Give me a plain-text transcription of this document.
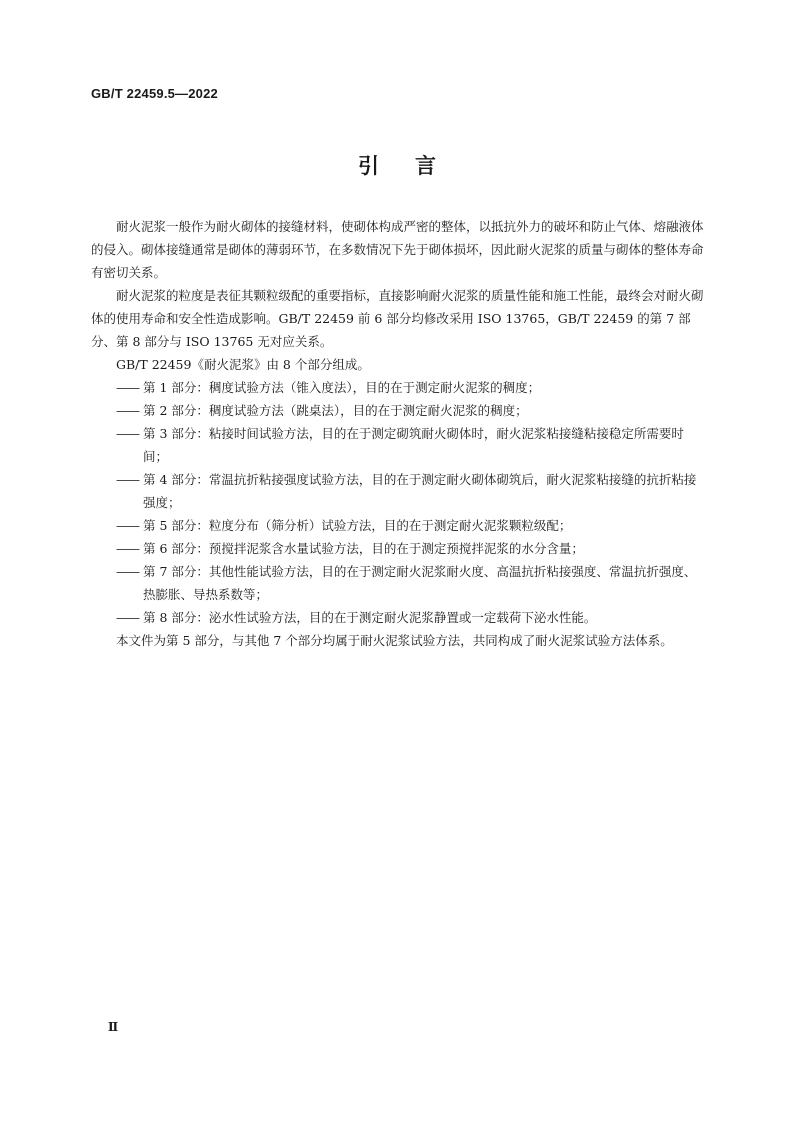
GB/T 22459.5—2022
引 言

耐火泥浆一般作为耐火砌体的接缝材料，使砌体构成严密的整体，以抵抗外力的破坏和防止气体、熔融液体的侵入。砌体接缝通常是砌体的薄弱环节，在多数情况下先于砌体损坏，因此耐火泥浆的质量与砌体的整体寿命有密切关系。

耐火泥浆的粒度是表征其颗粒级配的重要指标，直接影响耐火泥浆的质量性能和施工性能，最终会对耐火砌体的使用寿命和安全性造成影响。GB/T 22459 前 6 部分均修改采用 ISO 13765，GB/T 22459 的第 7 部分、第 8 部分与 ISO 13765 无对应关系。

GB/T 22459《耐火泥浆》由 8 个部分组成。

—— 第 1 部分：稠度试验方法（锥入度法），目的在于测定耐火泥浆的稠度；
—— 第 2 部分：稠度试验方法（跳桌法），目的在于测定耐火泥浆的稠度；
—— 第 3 部分：粘接时间试验方法，目的在于测定砌筑耐火砌体时，耐火泥浆粘接缝粘接稳定所需要时间；
—— 第 4 部分：常温抗折粘接强度试验方法，目的在于测定耐火砌体砌筑后，耐火泥浆粘接缝的抗折粘接强度；
—— 第 5 部分：粒度分布（筛分析）试验方法，目的在于测定耐火泥浆颗粒级配；
—— 第 6 部分：预搅拌泥浆含水量试验方法，目的在于测定预搅拌泥浆的水分含量；
—— 第 7 部分：其他性能试验方法，目的在于测定耐火泥浆耐火度、高温抗折粘接强度、常温抗折强度、热膨胀、导热系数等；
—— 第 8 部分：泌水性试验方法，目的在于测定耐火泥浆静置或一定载荷下泌水性能。

本文件为第 5 部分，与其他 7 个部分均属于耐火泥浆试验方法，共同构成了耐火泥浆试验方法体系。

Ⅱ
